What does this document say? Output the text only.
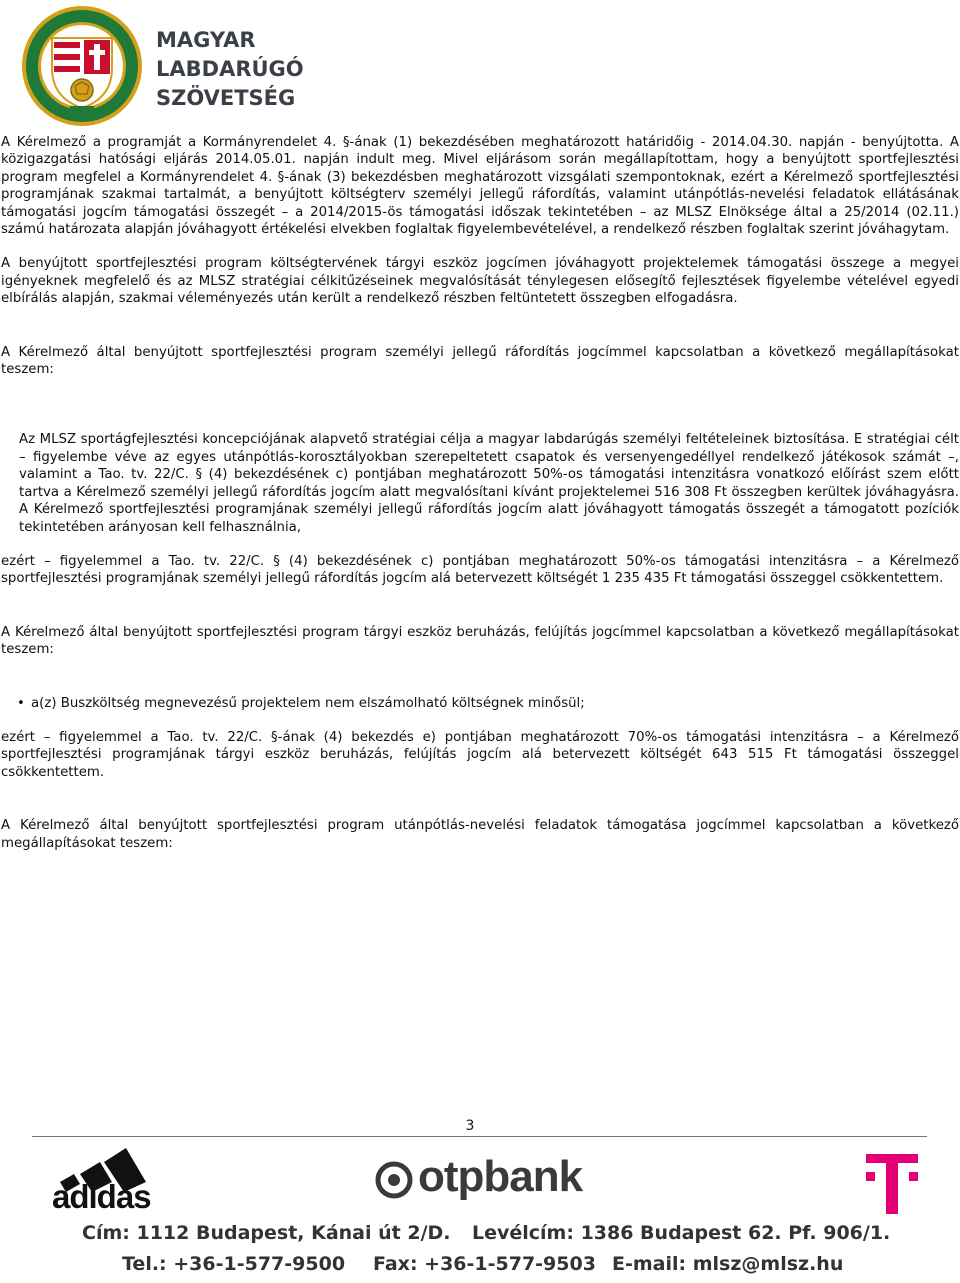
MAGYAR
LABDARÚGÓ
SZÖVETSÉG

A Kérelmező a programját a Kormányrendelet 4. §-ának (1) bekezdésében meghatározott határidőig - 2014.04.30. napján - benyújtotta. A közigazgatási hatósági eljárás 2014.05.01. napján indult meg. Mivel eljárásom során megállapítottam, hogy a benyújtott sportfejlesztési program megfelel a Kormányrendelet 4. §-ának (3) bekezdésben meghatározott vizsgálati szempontoknak, ezért a Kérelmező sportfejlesztési programjának szakmai tartalmát, a benyújtott költségterv személyi jellegű ráfordítás, valamint utánpótlás-nevelési feladatok ellátásának támogatási jogcím támogatási összegét – a 2014/2015-ös támogatási időszak tekintetében – az MLSZ Elnöksége által a 25/2014 (02.11.) számú határozata alapján jóváhagyott értékelési elvekben foglaltak figyelembevételével, a rendelkező részben foglaltak szerint jóváhagytam.

A benyújtott sportfejlesztési program költségtervének tárgyi eszköz jogcímen jóváhagyott projektelemek támogatási összege a megyei igényeknek megfelelő és az MLSZ stratégiai célkitűzéseinek megvalósítását ténylegesen elősegítő fejlesztések figyelembe vételével egyedi elbírálás alapján, szakmai véleményezés után került a rendelkező részben feltüntetett összegben elfogadásra.

A Kérelmező által benyújtott sportfejlesztési program személyi jellegű ráfordítás jogcímmel kapcsolatban a következő megállapításokat teszem:

Az MLSZ sportágfejlesztési koncepciójának alapvető stratégiai célja a magyar labdarúgás személyi feltételeinek biztosítása. E stratégiai célt – figyelembe véve az egyes utánpótlás-korosztályokban szerepeltetett csapatok és versenyengedéllyel rendelkező játékosok számát –, valamint a Tao. tv. 22/C. § (4) bekezdésének c) pontjában meghatározott 50%-os támogatási intenzitásra vonatkozó előírást szem előtt tartva a Kérelmező személyi jellegű ráfordítás jogcím alatt megvalósítani kívánt projektelemei 516 308 Ft összegben kerültek jóváhagyásra. A Kérelmező sportfejlesztési programjának személyi jellegű ráfordítás jogcím alatt jóváhagyott támogatás összegét a támogatott pozíciók tekintetében arányosan kell felhasználnia,

ezért – figyelemmel a Tao. tv. 22/C. § (4) bekezdésének c) pontjában meghatározott 50%-os támogatási intenzitásra – a Kérelmező sportfejlesztési programjának személyi jellegű ráfordítás jogcím alá betervezett költségét 1 235 435 Ft támogatási összeggel csökkentettem.

A Kérelmező által benyújtott sportfejlesztési program tárgyi eszköz beruházás, felújítás jogcímmel kapcsolatban a következő megállapításokat teszem:

• a(z) Buszköltség megnevezésű projektelem nem elszámolható költségnek minősül;

ezért – figyelemmel a Tao. tv. 22/C. §-ának (4) bekezdés e) pontjában meghatározott 70%-os támogatási intenzitásra – a Kérelmező sportfejlesztési programjának tárgyi eszköz beruházás, felújítás jogcím alá betervezett költségét 643 515 Ft támogatási összeggel csökkentettem.

A Kérelmező által benyújtott sportfejlesztési program utánpótlás-nevelési feladatok támogatása jogcímmel kapcsolatban a következő megállapításokat teszem:

3
adidas	otpbank
Cím: 1112 Budapest, Kánai út 2/D. Levélcím: 1386 Budapest 62. Pf. 906/1.
Tel.: +36-1-577-9500 Fax: +36-1-577-9503 E-mail: mlsz@mlsz.hu
